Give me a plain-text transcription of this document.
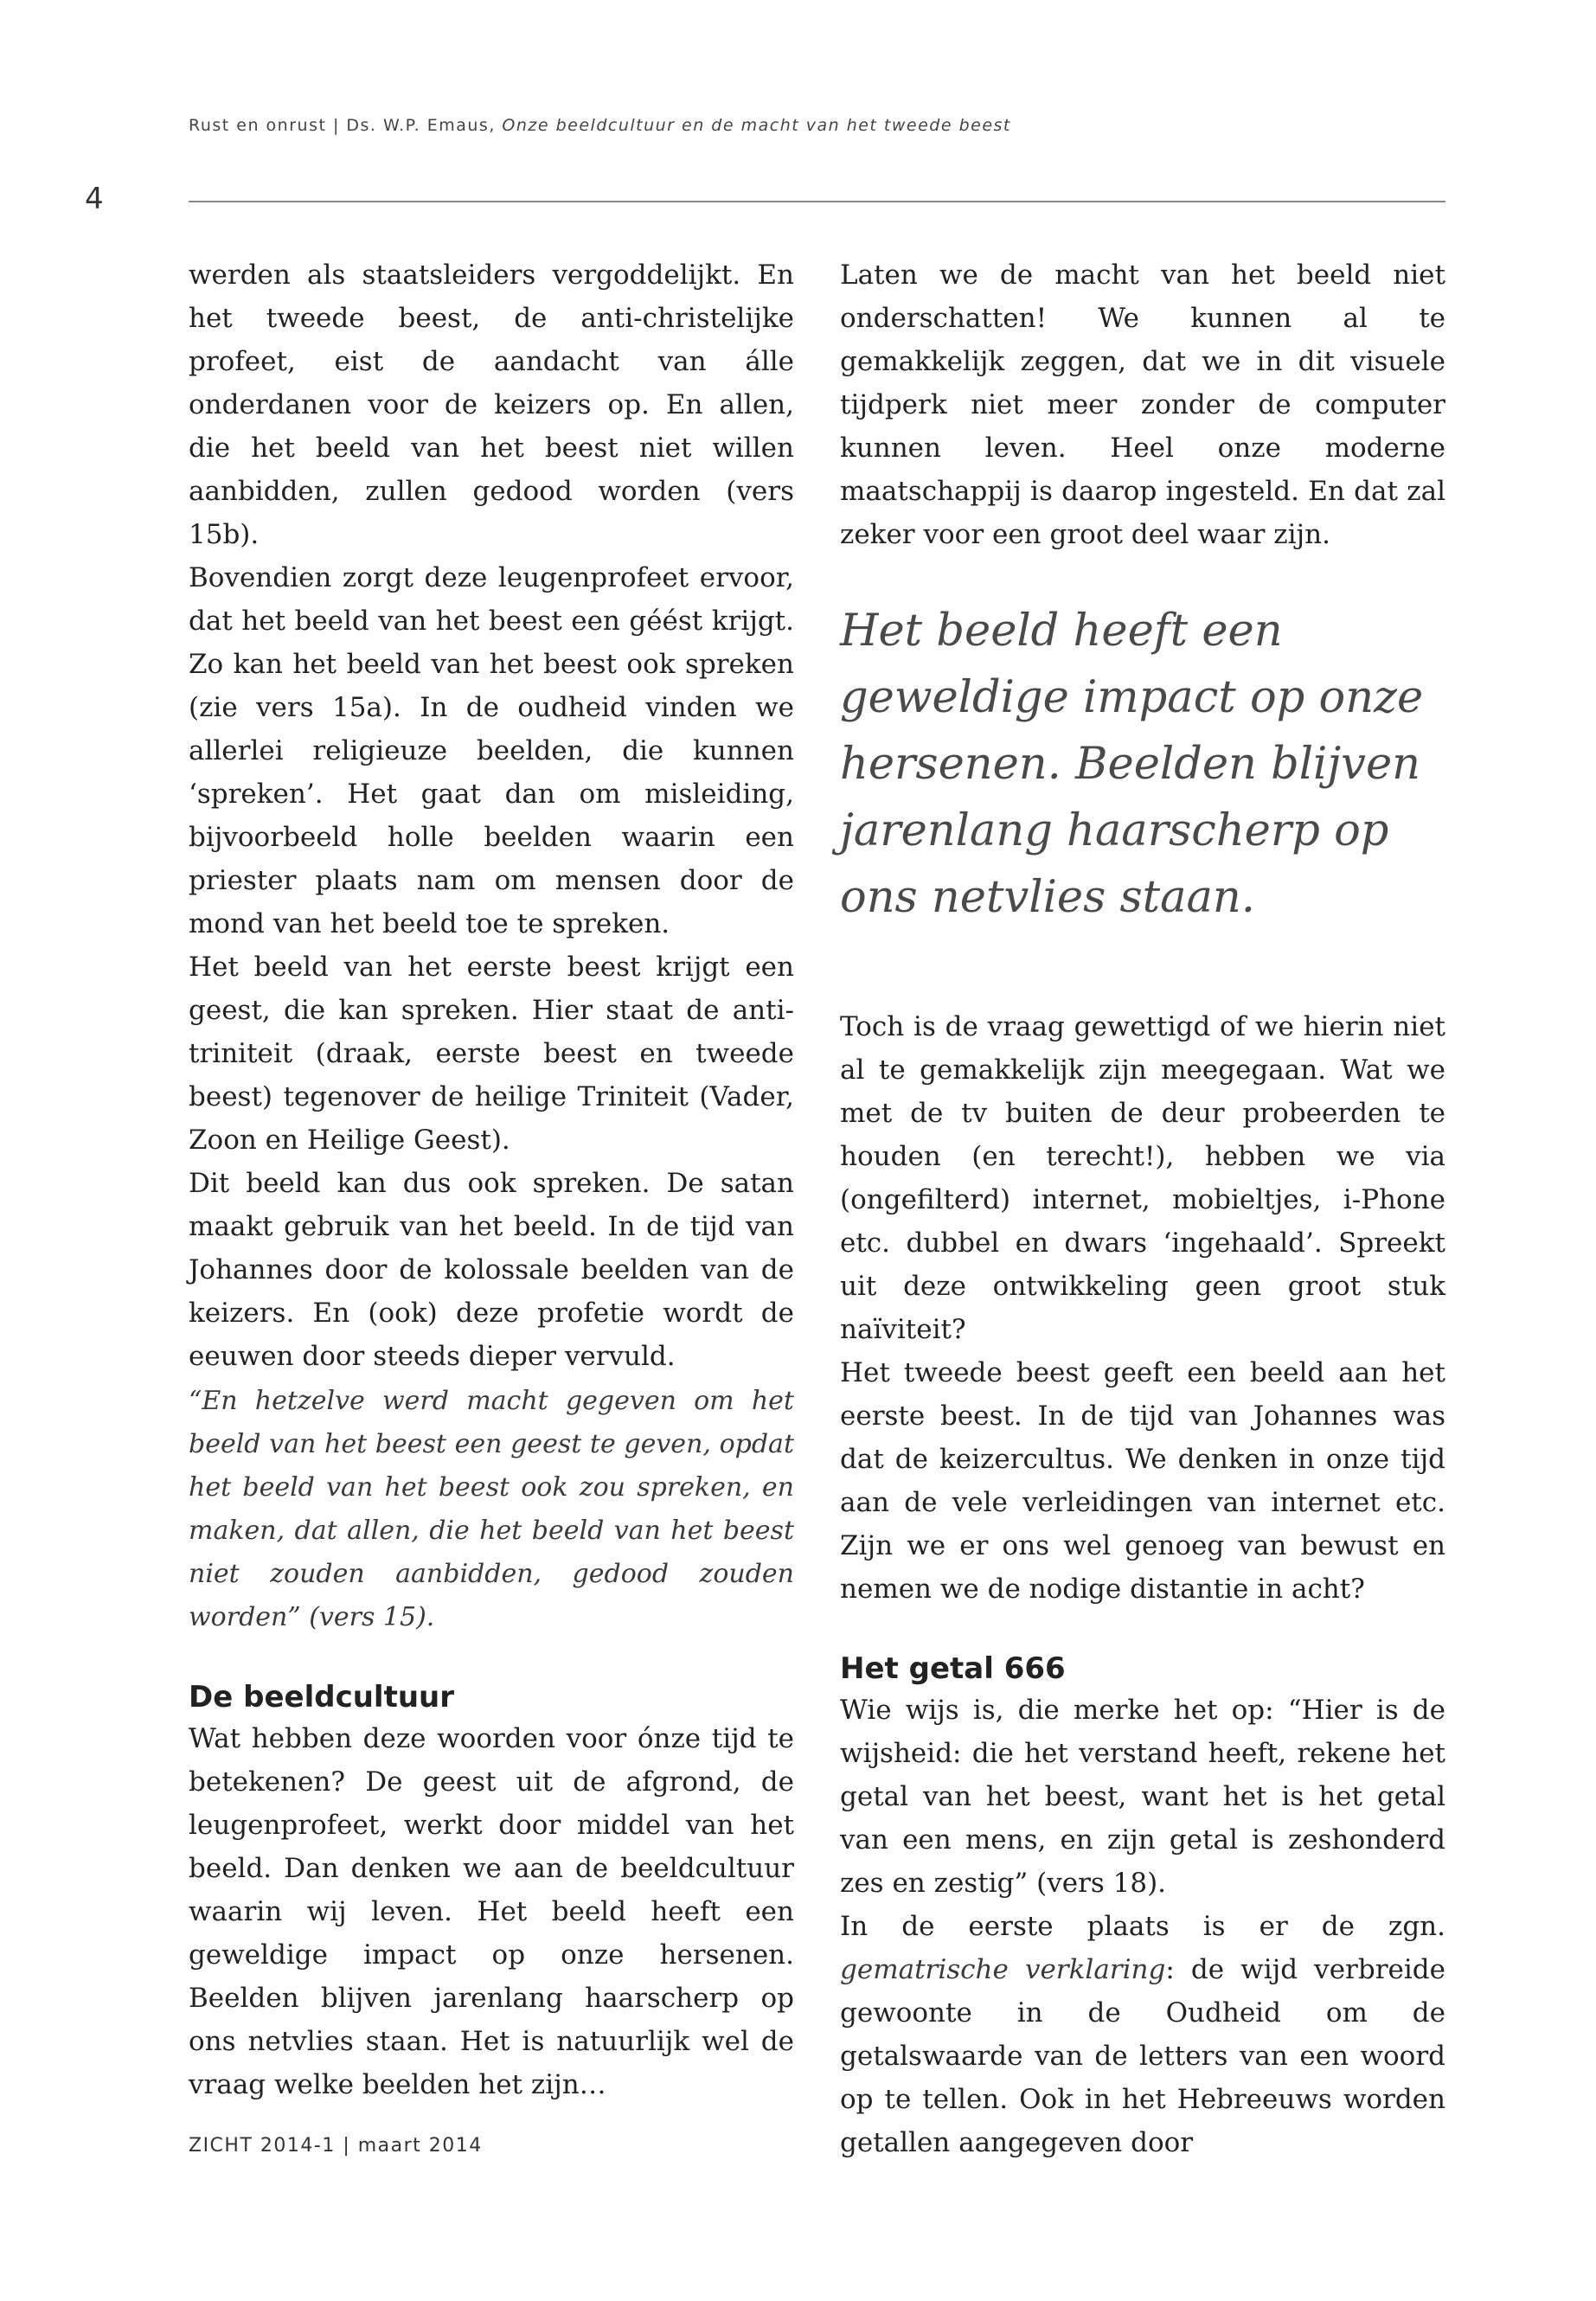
Rust en onrust | Ds. W.P. Emaus, Onze beeldcultuur en de macht van het tweede beest
4

werden als staatsleiders vergoddelijkt. En het tweede beest, de anti-christelijke profeet, eist de aandacht van álle onderdanen voor de keizers op. En allen, die het beeld van het beest niet willen aanbidden, zullen gedood worden (vers 15b).

Bovendien zorgt deze leugenprofeet ervoor, dat het beeld van het beest een géést krijgt. Zo kan het beeld van het beest ook spreken (zie vers 15a). In de oudheid vinden we allerlei religieuze beelden, die kunnen ‘spreken’. Het gaat dan om misleiding, bijvoorbeeld holle beelden waarin een priester plaats nam om mensen door de mond van het beeld toe te spreken.

Het beeld van het eerste beest krijgt een geest, die kan spreken. Hier staat de anti-triniteit (draak, eerste beest en tweede beest) tegenover de heilige Triniteit (Vader, Zoon en Heilige Geest).

Dit beeld kan dus ook spreken. De satan maakt gebruik van het beeld. In de tijd van Johannes door de kolossale beelden van de keizers. En (ook) deze profetie wordt de eeuwen door steeds dieper vervuld.

“En hetzelve werd macht gegeven om het beeld van het beest een geest te geven, opdat het beeld van het beest ook zou spreken, en maken, dat allen, die het beeld van het beest niet zouden aanbidden, gedood zouden worden” (vers 15).

De beeldcultuur

Wat hebben deze woorden voor ónze tijd te betekenen? De geest uit de afgrond, de leugenprofeet, werkt door middel van het beeld. Dan denken we aan de beeldcultuur waarin wij leven. Het beeld heeft een geweldige impact op onze hersenen. Beelden blijven jarenlang haarscherp op ons netvlies staan. Het is natuurlijk wel de vraag welke beelden het zijn…

Laten we de macht van het beeld niet onderschatten! We kunnen al te gemakkelijk zeggen, dat we in dit visuele tijdperk niet meer zonder de computer kunnen leven. Heel onze moderne maatschappij is daarop ingesteld. En dat zal zeker voor een groot deel waar zijn.

Het beeld heeft een geweldige impact op onze hersenen. Beelden blijven jarenlang haarscherp op ons netvlies staan.

Toch is de vraag gewettigd of we hierin niet al te gemakkelijk zijn meegegaan. Wat we met de tv buiten de deur probeerden te houden (en terecht!), hebben we via (ongefilterd) internet, mobieltjes, i-Phone etc. dubbel en dwars ‘ingehaald’. Spreekt uit deze ontwikkeling geen groot stuk naïviteit?

Het tweede beest geeft een beeld aan het eerste beest. In de tijd van Johannes was dat de keizercultus. We denken in onze tijd aan de vele verleidingen van internet etc. Zijn we er ons wel genoeg van bewust en nemen we de nodige distantie in acht?

Het getal 666

Wie wijs is, die merke het op: “Hier is de wijsheid: die het verstand heeft, rekene het getal van het beest, want het is het getal van een mens, en zijn getal is zeshonderd zes en zestig” (vers 18).

In de eerste plaats is er de zgn. gematrische verklaring: de wijd verbreide gewoonte in de Oudheid om de getalswaarde van de letters van een woord op te tellen. Ook in het Hebreeuws worden getallen aangegeven door

ZICHT 2014-1 | maart 2014
